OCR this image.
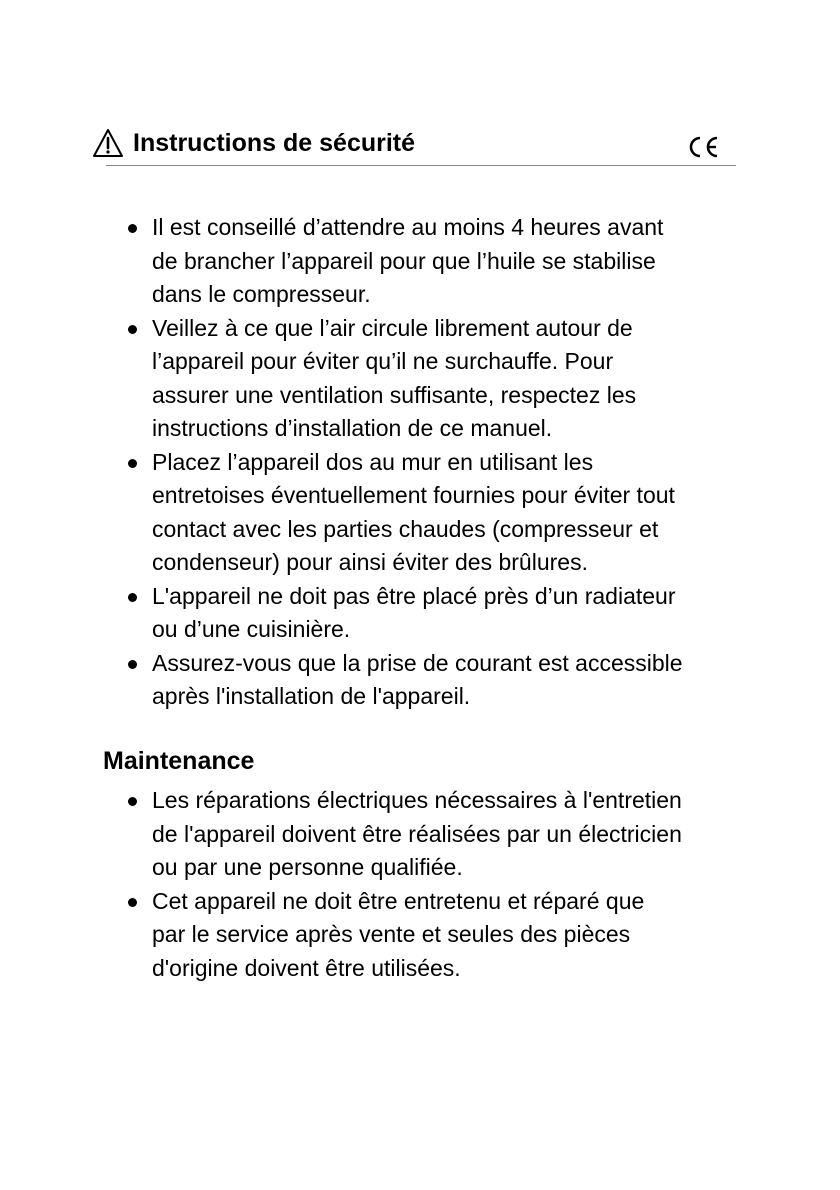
Instructions de sécurité
Il est conseillé d’attendre au moins 4 heures avant
de brancher l’appareil pour que l’huile se stabilise
dans le compresseur.
Veillez à ce que l’air circule librement autour de
l’appareil pour éviter qu’il ne surchauffe. Pour
assurer une ventilation suffisante, respectez les
instructions d’installation de ce manuel.
Placez l’appareil dos au mur en utilisant les
entretoises éventuellement fournies pour éviter tout
contact avec les parties chaudes (compresseur et
condenseur) pour ainsi éviter des brûlures.
L'appareil ne doit pas être placé près d’un radiateur
ou d’une cuisinière.
Assurez-vous que la prise de courant est accessible
après l'installation de l'appareil.
Maintenance
Les réparations électriques nécessaires à l'entretien
de l'appareil doivent être réalisées par un électricien
ou par une personne qualifiée.
Cet appareil ne doit être entretenu et réparé que
par le service après vente et seules des pièces
d'origine doivent être utilisées.
